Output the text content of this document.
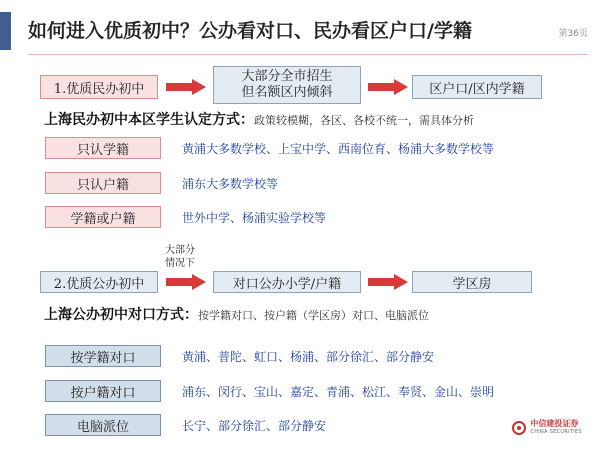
如何进入优质初中？公办看对口、民办看区户口/学籍	第36页
1.优质民办初中
大部分全市招生
但名额区内倾斜	区户口/区内学籍
上海民办初中本区学生认定方式：政策较模糊，各区、各校不统一，需具体分析
只认学籍	黄浦大多数学校、上宝中学、西南位育、杨浦大多数学校等
只认户籍	浦东大多数学校等
学籍或户籍	世外中学、杨浦实验学校等
2.优质公办初中
大部分
情况下
对口公办小学/户籍	学区房
上海公办初中对口方式：按学籍对口、按户籍（学区房）对口、电脑派位
按学籍对口	黄浦、普陀、虹口、杨浦、部分徐汇、部分静安
按户籍对口	浦东、闵行、宝山、嘉定、青浦、松江、奉贤、金山、崇明
电脑派位	长宁、部分徐汇、部分静安	中信建投证券
CHINA SECURITIES
